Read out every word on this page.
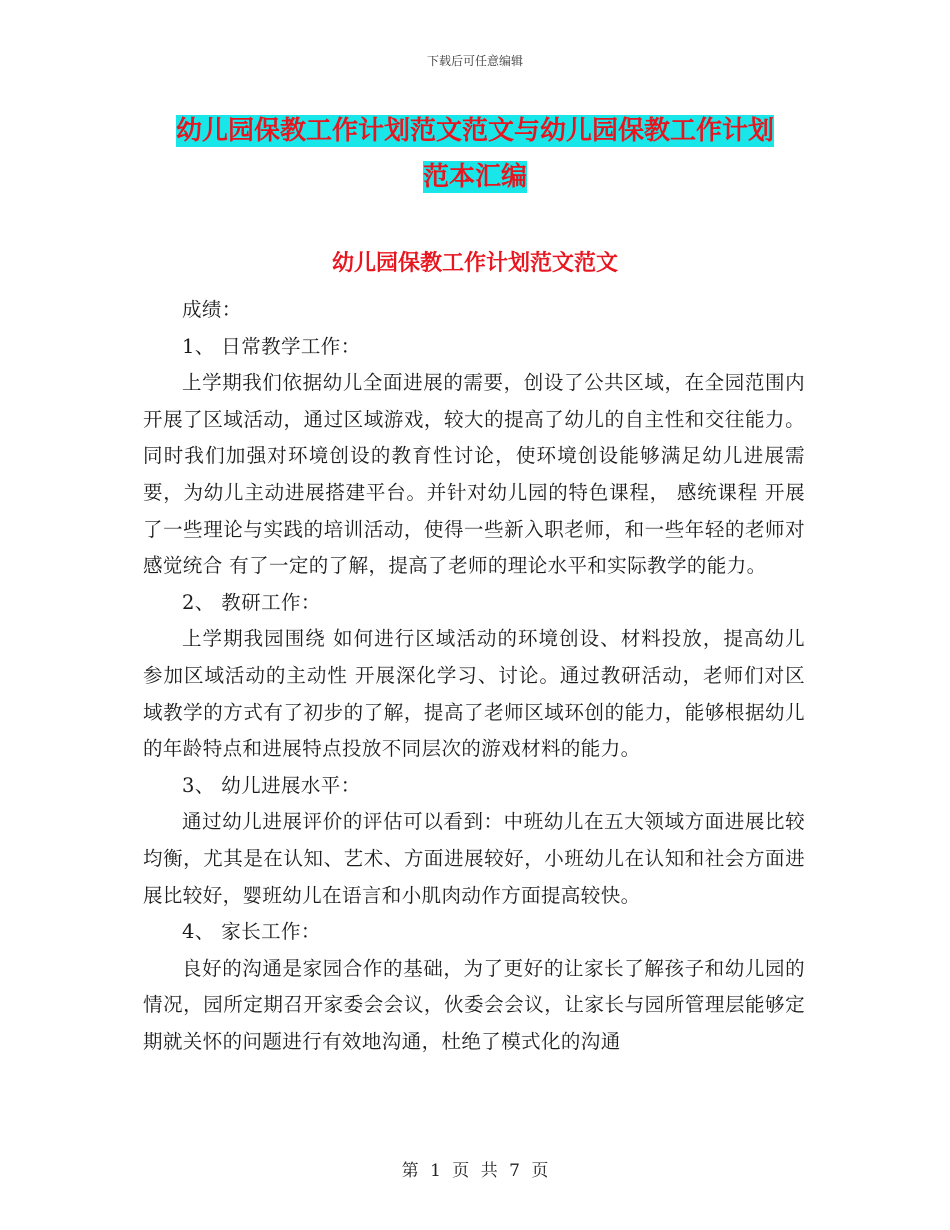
下载后可任意编辑
幼儿园保教工作计划范文范文与幼儿园保教工作计划
范本汇编
幼儿园保教工作计划范文范文

成绩：

1、 日常教学工作：

上学期我们依据幼儿全面进展的需要，创设了公共区域，在全园范围内开展了区域活动，通过区域游戏，较大的提高了幼儿的自主性和交往能力。同时我们加强对环境创设的教育性讨论，使环境创设能够满足幼儿进展需要，为幼儿主动进展搭建平台。并针对幼儿园的特色课程， 感统课程 开展了一些理论与实践的培训活动，使得一些新入职老师，和一些年轻的老师对 感觉统合 有了一定的了解，提高了老师的理论水平和实际教学的能力。

2、 教研工作：

上学期我园围绕 如何进行区域活动的环境创设、材料投放，提高幼儿参加区域活动的主动性 开展深化学习、讨论。通过教研活动，老师们对区域教学的方式有了初步的了解，提高了老师区域环创的能力，能够根据幼儿的年龄特点和进展特点投放不同层次的游戏材料的能力。

3、 幼儿进展水平：

通过幼儿进展评价的评估可以看到：中班幼儿在五大领域方面进展比较均衡，尤其是在认知、艺术、方面进展较好，小班幼儿在认知和社会方面进展比较好，婴班幼儿在语言和小肌肉动作方面提高较快。

4、 家长工作：

良好的沟通是家园合作的基础，为了更好的让家长了解孩子和幼儿园的情况，园所定期召开家委会会议，伙委会会议，让家长与园所管理层能够定期就关怀的问题进行有效地沟通，杜绝了模式化的沟通

第 1 页 共 7 页
